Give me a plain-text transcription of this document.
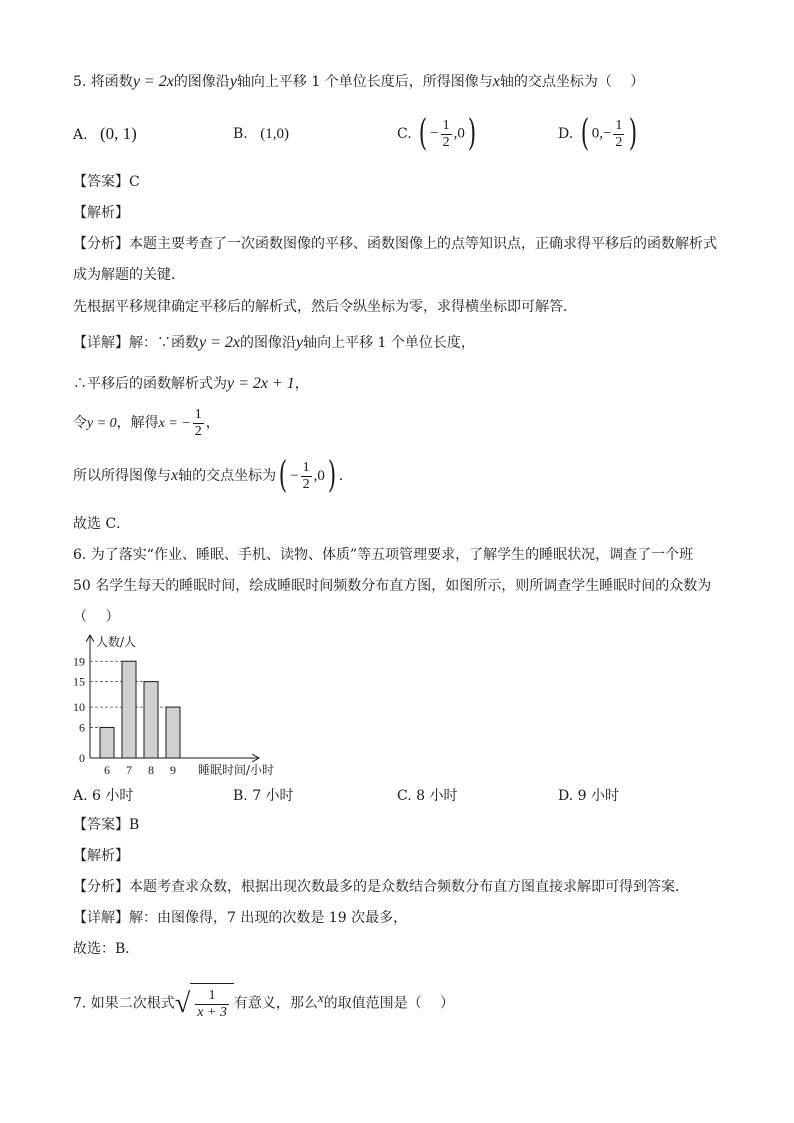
5. 将函数y = 2x的图像沿y轴向上平移 1 个单位长度后，所得图像与x轴的交点坐标为（　 ）
A. (0, 1)	B. (1,0)	C. ( − $\frac{1}{2} ,0$)	D. ( $0,- \frac{1}{2}$ )
【答案】C
【解析】
【分析】本题主要考查了一次函数图像的平移、函数图像上的点等知识点，正确求得平移后的函数解析式
成为解题的关键．
先根据平移规律确定平移后的解析式，然后令纵坐标为零，求得横坐标即可解答．
【详解】解：∵函数y = 2x的图像沿y轴向上平移 1 个单位长度，
∴平移后的函数解析式为y = 2x + 1，
令y = 0，解得x = − $\frac{1}{2}$ ，
所以所得图像与x轴的交点坐标为( − $\frac{1}{2} ,0$) ．
故选 C．
6. 为了落实“作业、睡眠、手机、读物、体质”等五项管理要求，了解学生的睡眠状况，调查了一个班
50 名学生每天的睡眠时间，绘成睡眠时间频数分布直方图，如图所示，则所调查学生睡眠时间的众数为
（　 ）
0
6
10
15
19
6 7 8 9
人数/人
睡眠时间/小时
A. 6 小时	B. 7 小时	C. 8 小时	D. 9 小时
【答案】B
【解析】
【分析】本题考查求众数，根据出现次数最多的是众数结合频数分布直方图直接求解即可得到答案．
【详解】解：由图像得，7 出现的次数是 19 次最多，
故选：B．
7. 如果二次根式√ $\frac{1}{x + 3}$ 有意义，那么x的取值范围是（　 ）
